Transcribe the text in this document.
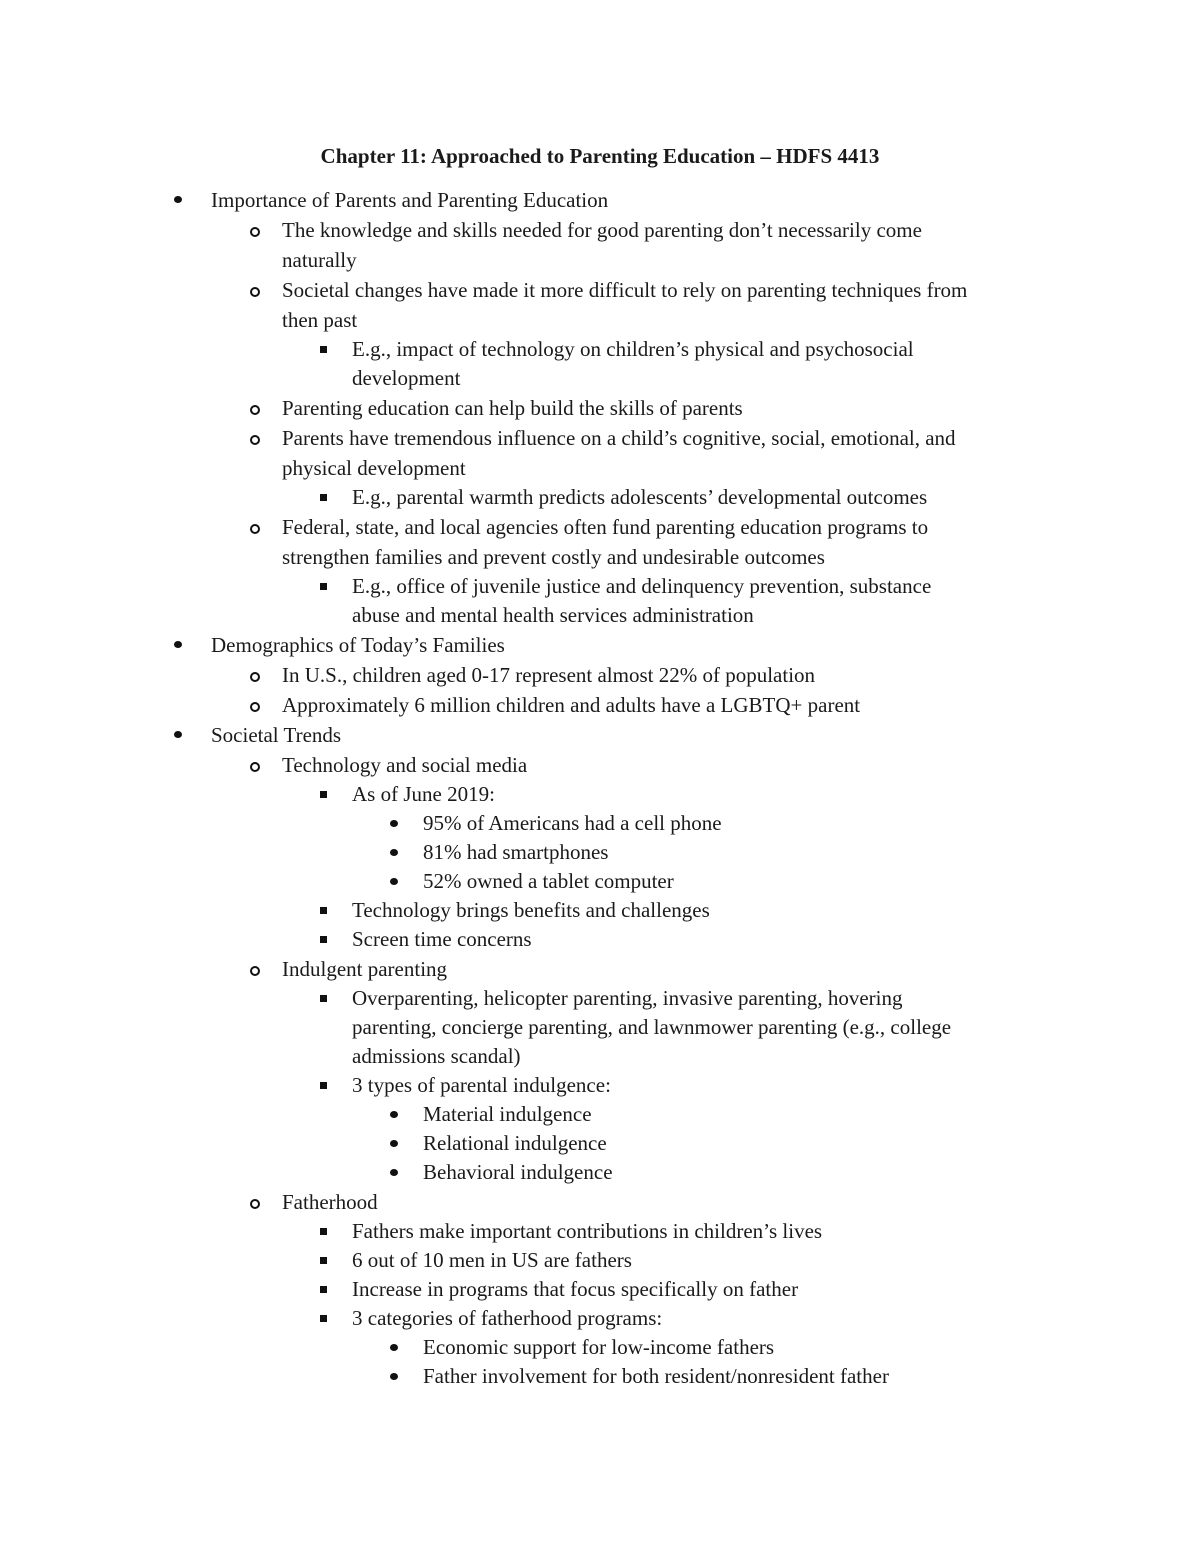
Chapter 11: Approached to Parenting Education – HDFS 4413
Importance of Parents and Parenting Education
The knowledge and skills needed for good parenting don’t necessarily come
naturally
Societal changes have made it more difficult to rely on parenting techniques from
then past
E.g., impact of technology on children’s physical and psychosocial
development
Parenting education can help build the skills of parents
Parents have tremendous influence on a child’s cognitive, social, emotional, and
physical development
E.g., parental warmth predicts adolescents’ developmental outcomes
Federal, state, and local agencies often fund parenting education programs to
strengthen families and prevent costly and undesirable outcomes
E.g., office of juvenile justice and delinquency prevention, substance
abuse and mental health services administration
Demographics of Today’s Families
In U.S., children aged 0-17 represent almost 22% of population
Approximately 6 million children and adults have a LGBTQ+ parent
Societal Trends
Technology and social media
As of June 2019:
95% of Americans had a cell phone
81% had smartphones
52% owned a tablet computer
Technology brings benefits and challenges
Screen time concerns
Indulgent parenting
Overparenting, helicopter parenting, invasive parenting, hovering
parenting, concierge parenting, and lawnmower parenting (e.g., college
admissions scandal)
3 types of parental indulgence:
Material indulgence
Relational indulgence
Behavioral indulgence
Fatherhood
Fathers make important contributions in children’s lives
6 out of 10 men in US are fathers
Increase in programs that focus specifically on father
3 categories of fatherhood programs:
Economic support for low-income fathers
Father involvement for both resident/nonresident father
